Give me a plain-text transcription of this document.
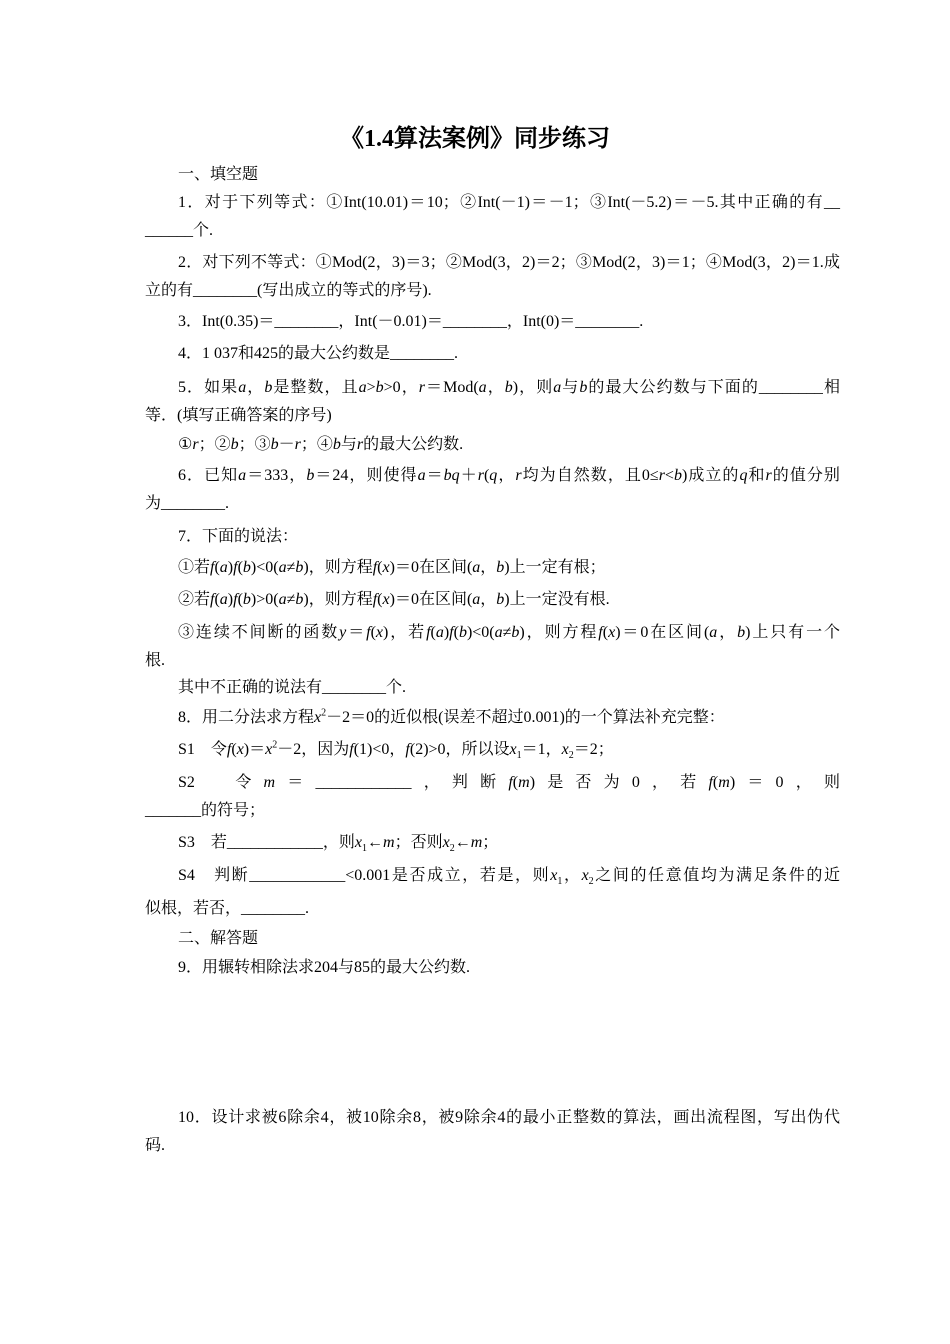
《1.4算法案例》同步练习
一、填空题
1．对于下列等式：①Int(10.01)＝10；②Int(－1)＝－1；③Int(－5.2)＝－5.其中正确的有__
______个.
2．对下列不等式：①Mod(2，3)＝3；②Mod(3，2)＝2；③Mod(2，3)＝1；④Mod(3，2)＝1.成
立的有________(写出成立的等式的序号).
3．Int(0.35)＝________，Int(－0.01)＝________，Int(0)＝________.
4．1 037和425的最大公约数是________.
5．如果a，b是整数，且a>b>0，r＝Mod(a，b)，则a与b的最大公约数与下面的________相
等．(填写正确答案的序号)
①r；②b；③b－r；④b与r的最大公约数.
6．已知a＝333，b＝24，则使得a＝bq＋r(q，r均为自然数，且0≤r<b)成立的q和r的值分别
为________.
7．下面的说法：
①若f(a)f(b)<0(a≠b)，则方程f(x)＝0在区间(a，b)上一定有根；
②若f(a)f(b)>0(a≠b)，则方程f(x)＝0在区间(a，b)上一定没有根.
③连续不间断的函数y＝f(x)，若f(a)f(b)<0(a≠b)，则方程f(x)＝0在区间(a，b)上只有一个
根.
其中不正确的说法有________个.
8．用二分法求方程$x^2-2=0$的近似根(误差不超过0.001)的一个算法补充完整：
S1　令$f(x)=x^2-2$，因为f(1)<0，f(2)>0，所以设$x_1=1$，$x_2=2$；
S2　令m＝____________，判断f(m)是否为0，若f(m)＝0，则
_______的符号；
S3　若____________，则$x_1\leftarrow m$；否则$x_2\leftarrow m$；
S4　判断____________<0.001是否成立，若是，则$x_1$，$x_2$之间的任意值均为满足条件的近
似根，若否，________.
二、解答题
9．用辗转相除法求204与85的最大公约数.
10．设计求被6除余4，被10除余8，被9除余4的最小正整数的算法，画出流程图，写出伪代
码.
